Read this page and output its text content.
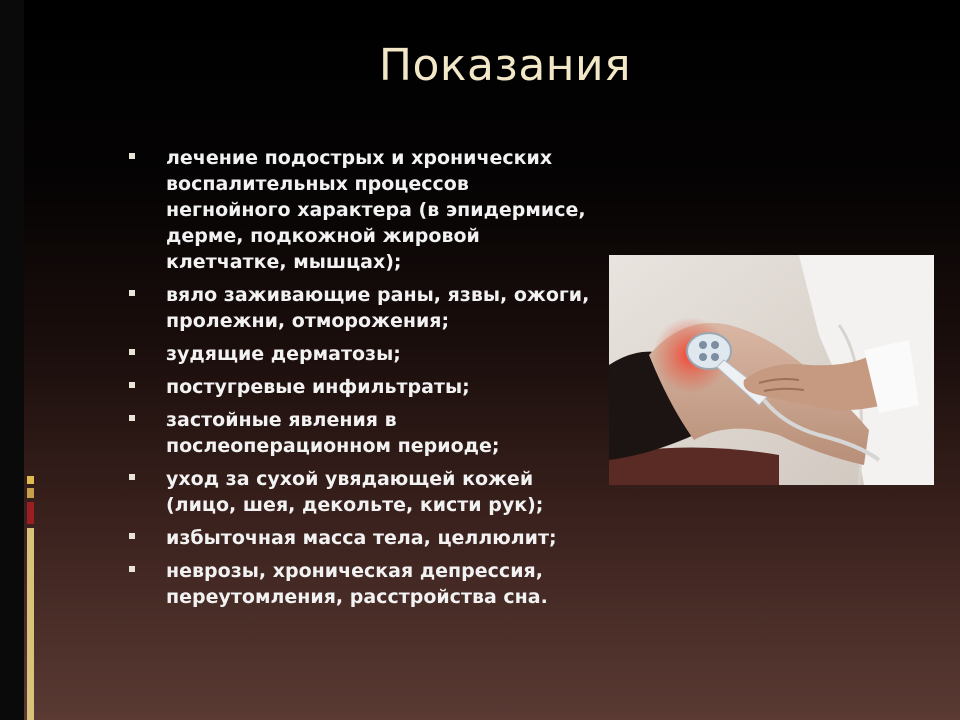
Показания
лечение подострых и хронических воспалительных процессов негнойного характера (в эпидермисе, дерме, подкожной жировой клетчатке, мышцах);
вяло заживающие раны, язвы, ожоги, пролежни, отморожения;
зудящие дерматозы;
постугревые инфильтраты;
застойные явления в послеоперационном периоде;
уход за сухой увядающей кожей (лицо, шея, декольте, кисти рук);
избыточная масса тела, целлюлит;
неврозы, хроническая депрессия, переутомления, расстройства сна.
